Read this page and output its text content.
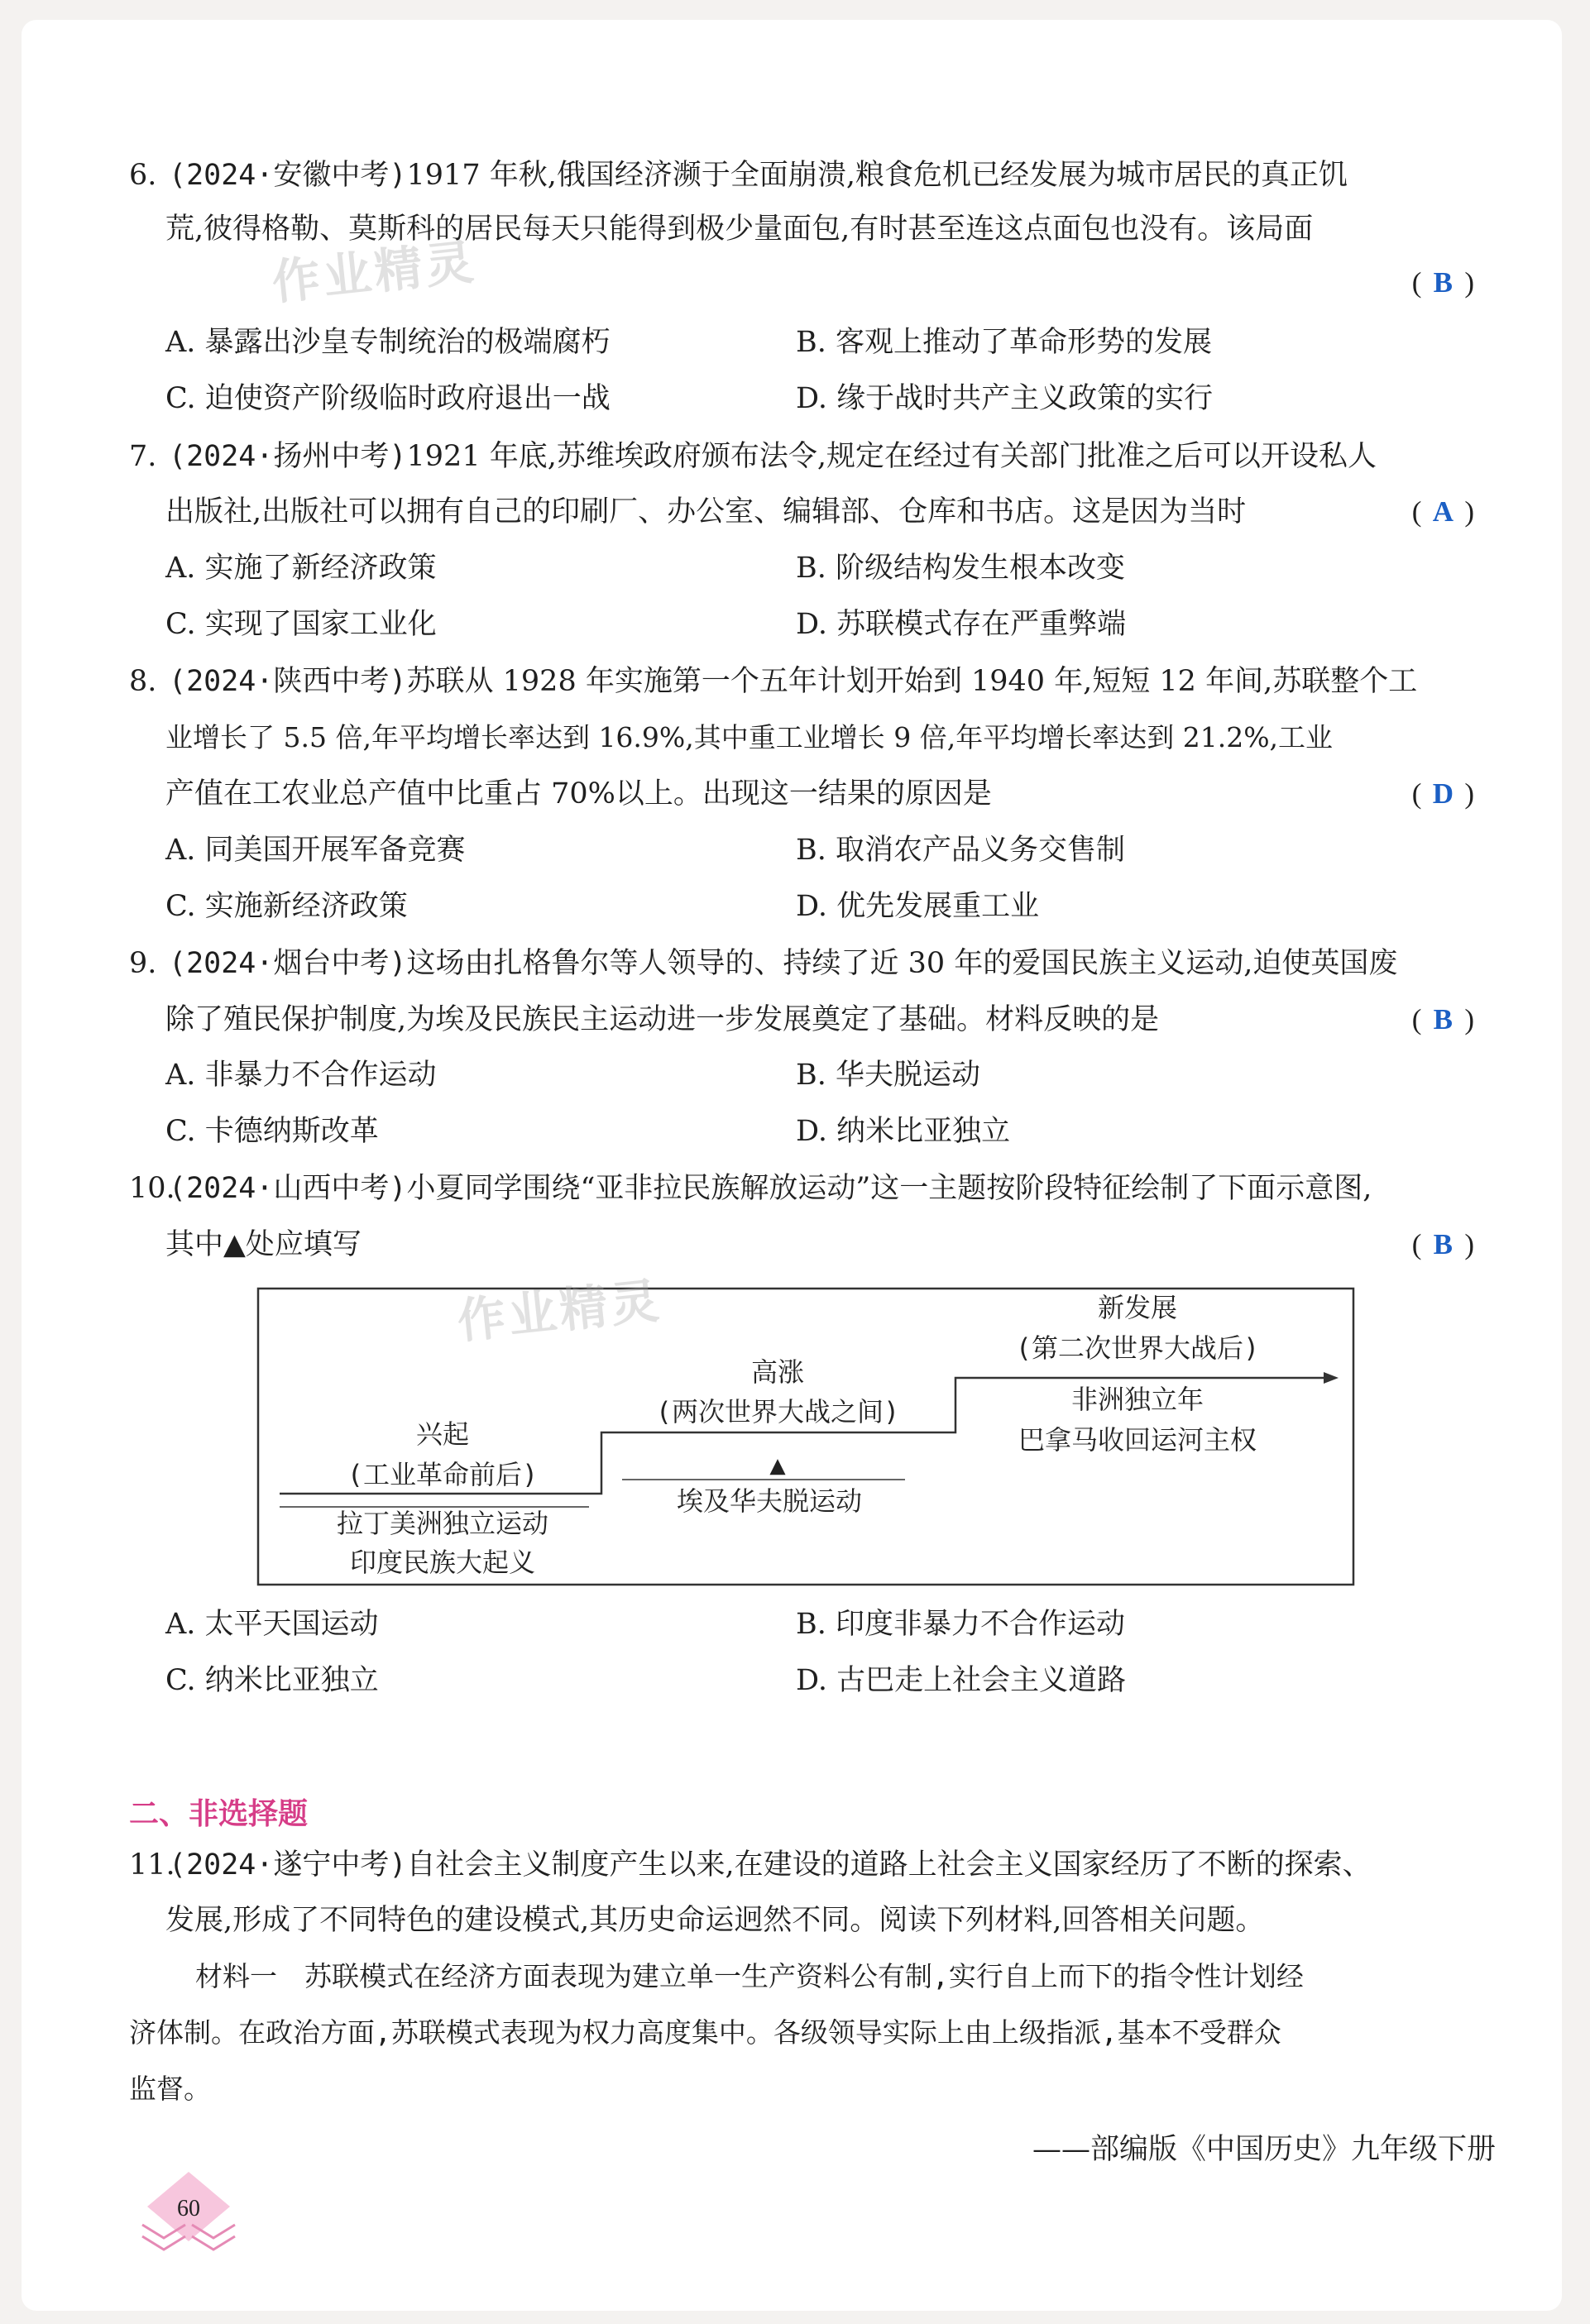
作业精灵
6. (2024·安徽中考)1917 年秋,俄国经济濒于全面崩溃,粮食危机已经发展为城市居民的真正饥
荒,彼得格勒、莫斯科的居民每天只能得到极少量面包,有时甚至连这点面包也没有。该局面
( B )
A. 暴露出沙皇专制统治的极端腐朽	B. 客观上推动了革命形势的发展
C. 迫使资产阶级临时政府退出一战	D. 缘于战时共产主义政策的实行
7. (2024·扬州中考)1921 年底,苏维埃政府颁布法令,规定在经过有关部门批准之后可以开设私人
出版社,出版社可以拥有自己的印刷厂、办公室、编辑部、仓库和书店。这是因为当时	( A )
A. 实施了新经济政策	B. 阶级结构发生根本改变
C. 实现了国家工业化	D. 苏联模式存在严重弊端
8. (2024·陕西中考)苏联从 1928 年实施第一个五年计划开始到 1940 年,短短 12 年间,苏联整个工
业增长了 5.5 倍,年平均增长率达到 16.9%,其中重工业增长 9 倍,年平均增长率达到 21.2%,工业
产值在工农业总产值中比重占 70%以上。出现这一结果的原因是	( D )
A. 同美国开展军备竞赛	B. 取消农产品义务交售制
C. 实施新经济政策	D. 优先发展重工业
9. (2024·烟台中考)这场由扎格鲁尔等人领导的、持续了近 30 年的爱国民族主义运动,迫使英国废
除了殖民保护制度,为埃及民族民主运动进一步发展奠定了基础。材料反映的是	( B )
A. 非暴力不合作运动	B. 华夫脱运动
C. 卡德纳斯改革	D. 纳米比亚独立
10.
(2024·山西中考)小夏同学围绕“亚非拉民族解放运动”这一主题按阶段特征绘制了下面示意图,
其中▲处应填写	( B )
兴起
(工业革命前后)
拉丁美洲独立运动
印度民族大起义
高涨
(两次世界大战之间)
▲
埃及华夫脱运动
新发展
(第二次世界大战后)
非洲独立年
巴拿马收回运河主权
作业精灵
A. 太平天国运动	B. 印度非暴力不合作运动
C. 纳米比亚独立	D. 古巴走上社会主义道路
二、非选择题
11.
(2024·遂宁中考)自社会主义制度产生以来,在建设的道路上社会主义国家经历了不断的探索、
发展,形成了不同特色的建设模式,其历史命运迥然不同。阅读下列材料,回答相关问题。
材料一　苏联模式在经济方面表现为建立单一生产资料公有制,实行自上而下的指令性计划经
济体制。在政治方面,苏联模式表现为权力高度集中。各级领导实际上由上级指派,基本不受群众
监督。
——部编版《中国历史》九年级下册
60
